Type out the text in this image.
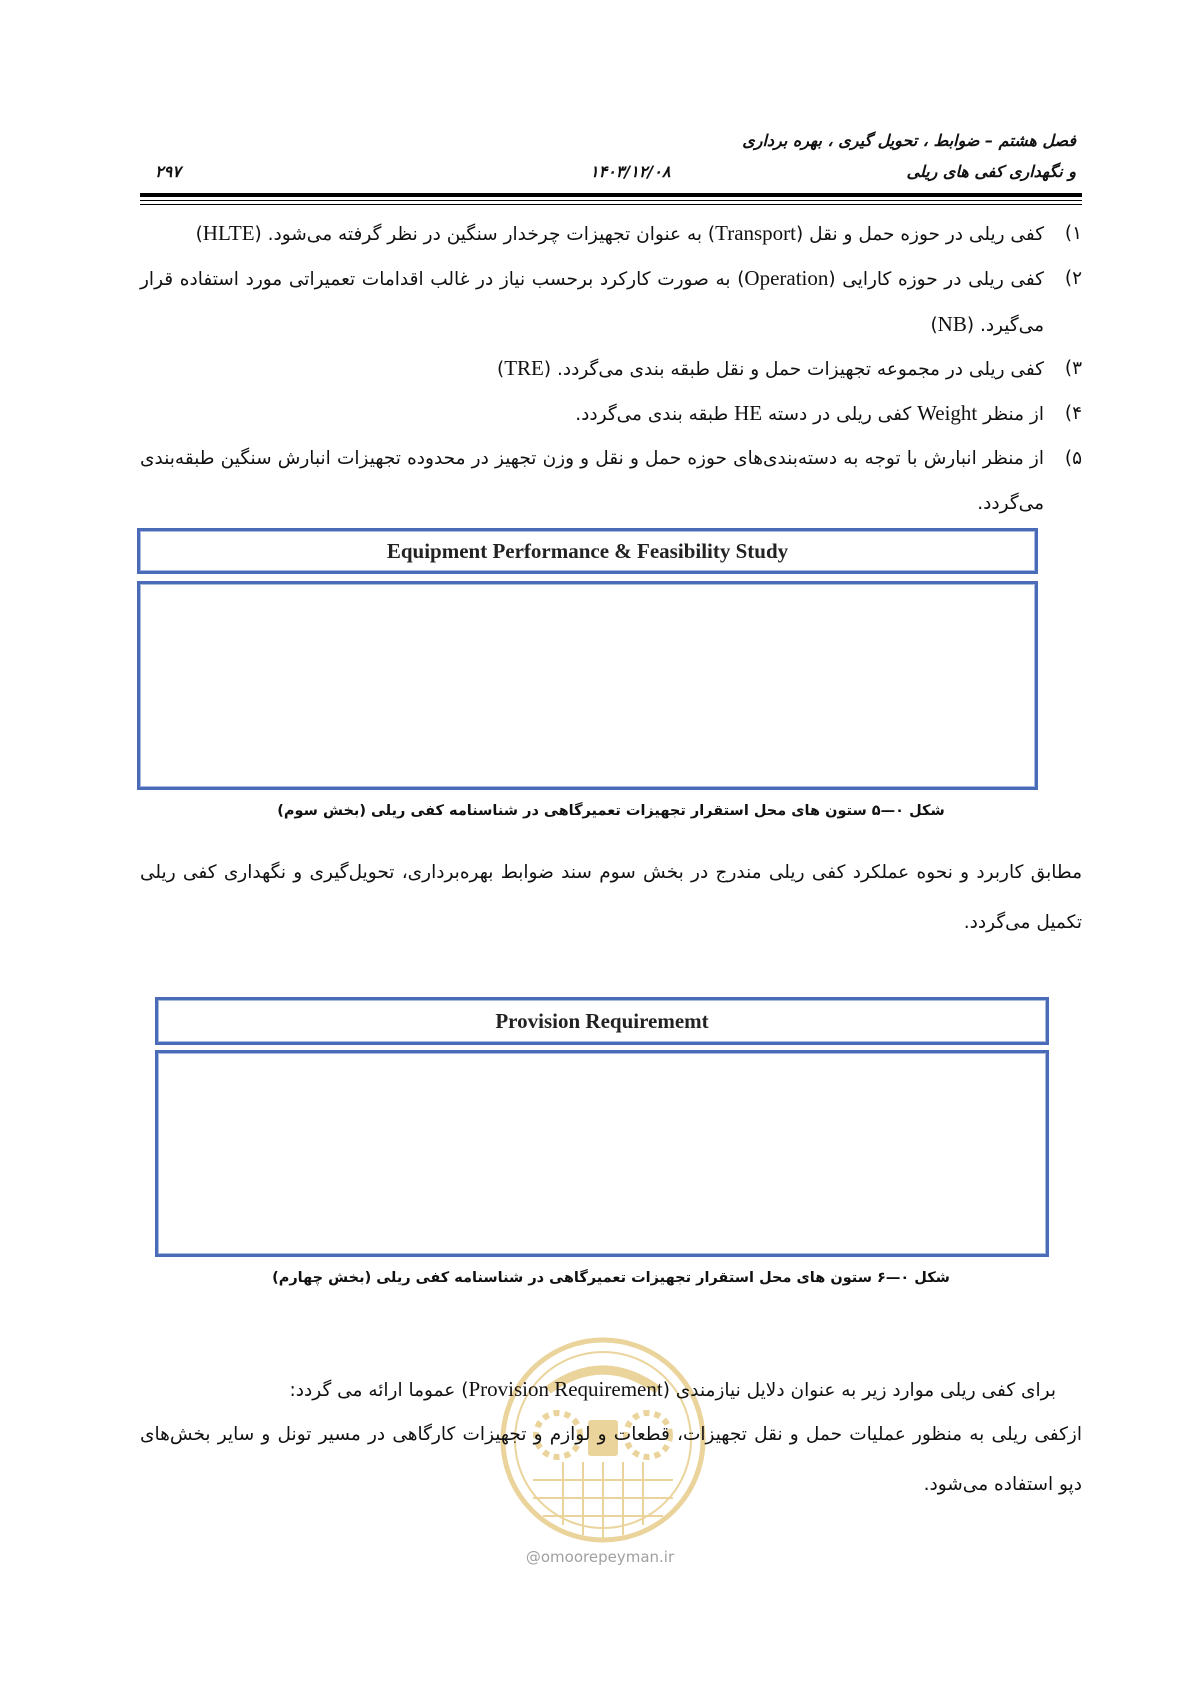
فصل هشتم – ضوابط ، تحویل گیری ، بهره برداری
و نگهداری کفی های ریلی
۱۴۰۳/۱۲/۰۸
۲۹۷
۱)
کفی ریلی در حوزه حمل و نقل (Transport) به عنوان تجهیزات چرخدار سنگین در نظر گرفته می‌شود. (HLTE)
۲)
کفی ریلی در حوزه کارایی (Operation) به صورت کارکرد برحسب نیاز در غالب اقدامات تعمیراتی مورد استفاده قرار می‌گیرد. (NB)
۳)
کفی ریلی در مجموعه تجهیزات حمل و نقل طبقه بندی می‌گردد. (TRE)
۴)
از منظر Weight کفی ریلی در دسته HE طبقه بندی می‌گردد.
۵)
از منظر انبارش با توجه به دسته‌بندی‌های حوزه حمل و نقل و وزن تجهیز در محدوده تجهیزات انبارش سنگین طبقه‌بندی می‌گردد.
Equipment Performance & Feasibility Study
شکل ۰—۵ ستون های محل استقرار تجهیزات تعمیرگاهی در شناسنامه کفی ریلی (بخش سوم)
مطابق کاربرد و نحوه عملکرد کفی ریلی مندرج در بخش سوم سند ضوابط بهره‌برداری، تحویل‌گیری و نگهداری کفی ریلی تکمیل می‌گردد.
Provision Requirememt
شکل ۰—۶ ستون های محل استقرار تجهیزات تعمیرگاهی در شناسنامه کفی ریلی (بخش چهارم)
@omoorepeyman.ir
برای کفی ریلی موارد زیر به عنوان دلایل نیازمندی (Provision Requirement) عموما ارائه می گردد:
ازکفی ریلی به منظور عملیات حمل و نقل تجهیزات، قطعات و لوازم و تجهیزات کارگاهی در مسیر تونل و سایر بخش‌های دپو استفاده می‌شود.
